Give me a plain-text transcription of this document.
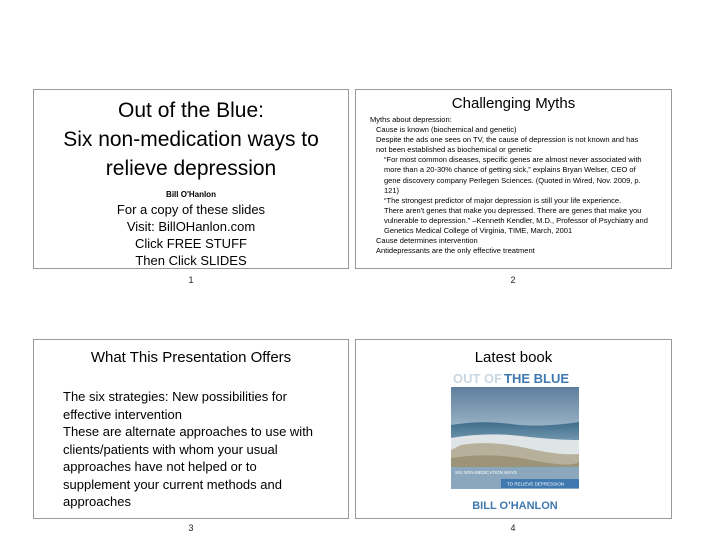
Out of the Blue:
Six non-medication ways to
relieve depression
Bill O'Hanlon
For a copy of these slides
Visit: BillOHanlon.com
Click FREE STUFF
Then Click SLIDES
1
Challenging Myths
Myths about depression:
Cause is known (biochemical and genetic)
Despite the ads one sees on TV, the cause of depression is not known and has
not been established as biochemical or genetic
“For most common diseases, specific genes are almost never associated with
more than a 20-30% chance of getting sick,” explains Bryan Welser, CEO of
gene discovery company Perlegen Sciences. (Quoted in Wired, Nov. 2009, p.
121)
“The strongest predictor of major depression is still your life experience.
There aren't genes that make you depressed. There are genes that make you
vulnerable to depression.” –Kenneth Kendler, M.D., Professor of Psychiatry and
Genetics Medical College of Virginia, TIME, March, 2001
Cause determines intervention
Antidepressants are the only effective treatment
2
What This Presentation Offers
The six strategies: New possibilities for
effective intervention
These are alternate approaches to use with
clients/patients with whom your usual
approaches have not helped or to
supplement your current methods and
approaches
3
Latest book
OUT OF THE BLUE
SIX NON-MEDICATION WAYS
TO RELIEVE DEPRESSION
BILL O'HANLON
4
